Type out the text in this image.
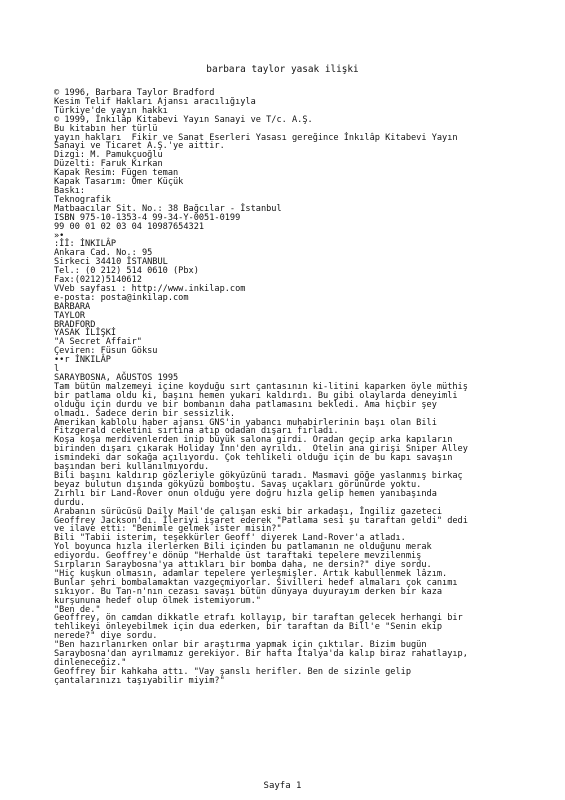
barbara taylor yasak ilişki
© 1996, Barbara Taylor Bradford
Kesim Telif Hakları Ajansı aracılığıyla
Türkiye'de yayın hakkı
© 1999, İnkılâp Kitabevi Yayın Sanayi ve T/c. A.Ş.
Bu kitabın her türlü
yayın hakları  Fikir ve Sanat Eserleri Yasası gereğince İnkılâp Kitabevi Yayın
Sanayi ve Ticaret A.Ş.'ye aittir.
Dizgi: M. Pamukçuoğlu
Düzelti: Faruk Kırkan
Kapak Resim: Fügen teman
Kapak Tasarım: Ömer Küçük
Baskı:
Teknografik
Matbaacılar Sit. No.: 38 Bağcılar - İstanbul
ISBN 975-10-1353-4 99-34-Y-0051-0199
99 00 01 02 03 04 10987654321
»•
:İİ: İNKILÂP
Ankara Cad. No.: 95
Sirkeci 34410 İSTANBUL
Tel.: (0 212) 514 0610 (Pbx)
Fax:(0212)5140612
VVeb sayfası : http://www.inkilap.com
e-posta: posta@inkilap.com
BARBARA
TAYLOR
BRADFORD
YASAK İLİŞKİ
"A Secret Affair"
Çeviren: Füsun Göksu
••r İNKILÂP
l
SARAYBOSNA, AĞUSTOS 1995
Tam bütün malzemeyi içine koyduğu sırt çantasının ki-litini kaparken öyle müthiş
bir patlama oldu ki, başını hemen yukarı kaldırdı. Bu gibi olaylarda deneyimli
olduğu için durdu ve bir bombanın daha patlamasını bekledi. Ama hiçbir şey
olmadı. Sadece derin bir sessizlik.
Amerikan kablolu haber ajansı GNS'in yabancı muhabirlerinin başı olan Bili
Fitzgerald ceketini sırtına atıp odadan dışarı fırladı.
Koşa koşa merdivenlerden inip büyük salona girdi. Oradan geçip arka kapıların
birinden dışarı çıkarak Holiday Inn'den ayrıldı.  Otelin ana girişi Sniper Alley
ismindeki dar sokağa açılıyordu. Çok tehlikeli olduğu için de bu kapı savaşın
başından beri kullanılmıyordu.
Bili başını kaldırıp gözleriyle gökyüzünü taradı. Masmavi göğe yaslanmış birkaç
beyaz bulutun dışında gökyüzü bomboştu. Savaş uçakları görünürde yoktu.
Zırhlı bir Land-Rover onun olduğu yere doğru hızla gelip hemen yanıbaşında
durdu.
Arabanın sürücüsü Daily Mail'de çalışan eski bir arkadaşı, İngiliz gazeteci
Geoffrey Jackson'dı. İleriyi işaret ederek "Patlama sesi şu taraftan geldi" dedi
ve ilave etti: "Benimle gelmek ister misin?"
Bili "Tabii isterim, teşekkürler Geoff' diyerek Land-Rover'a atladı.
Yol boyunca hızla ilerlerken Bili içinden bu patlamanın ne olduğunu merak
ediyordu. Geoffrey'e dönüp "Herhalde üst taraftaki tepelere mevzilenmiş
Sırpların Saraybosna'ya attıkları bir bomba daha, ne dersin?" diye sordu.
"Hiç kuşkun olmasın, adamlar tepelere yerleşmişler. Artık kabullenmek lâzım.
Bunlar şehri bombalamaktan vazgeçmiyorlar. Sivilleri hedef almaları çok canımı
sıkıyor. Bu Tan-n'nın cezası savaşı bütün dünyaya duyurayım derken bir kaza
kurşununa hedef olup ölmek istemiyorum."
"Ben de."
Geoffrey, ön camdan dikkatle etrafı kollayıp, bir taraftan gelecek herhangi bir
tehlikeyi önleyebilmek için dua ederken, bir taraftan da Bill'e "Senin ekip
nerede?" diye sordu.
"Ben hazırlanırken onlar bir araştırma yapmak için çıktılar. Bizim bugün
Saraybosna'dan ayrılmamız gerekiyor. Bir hafta İtalya'da kalıp biraz rahatlayıp,
dinleneceğiz."
Geoffrey bir kahkaha attı. "Vay şanslı herifler. Ben de sizinle gelip
çantalarınızı taşıyabilir miyim?"
Sayfa 1
